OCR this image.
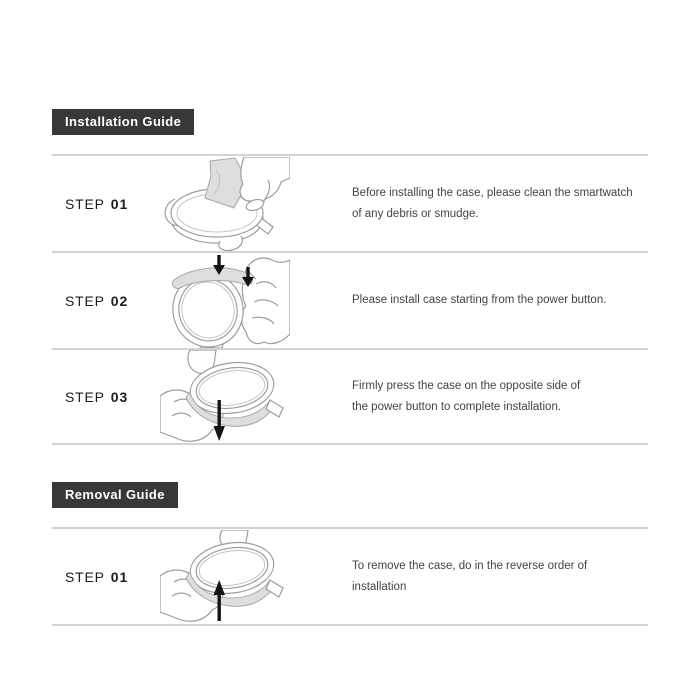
Installation Guide
STEP 01
Before installing the case, please clean the smartwatch
of any debris or smudge.
STEP 02	Please install case starting from the power button.
STEP 03
Firmly press the case on the opposite side of
the power button to complete installation.
Removal Guide
STEP 01
To remove the case, do in the reverse order of installation
